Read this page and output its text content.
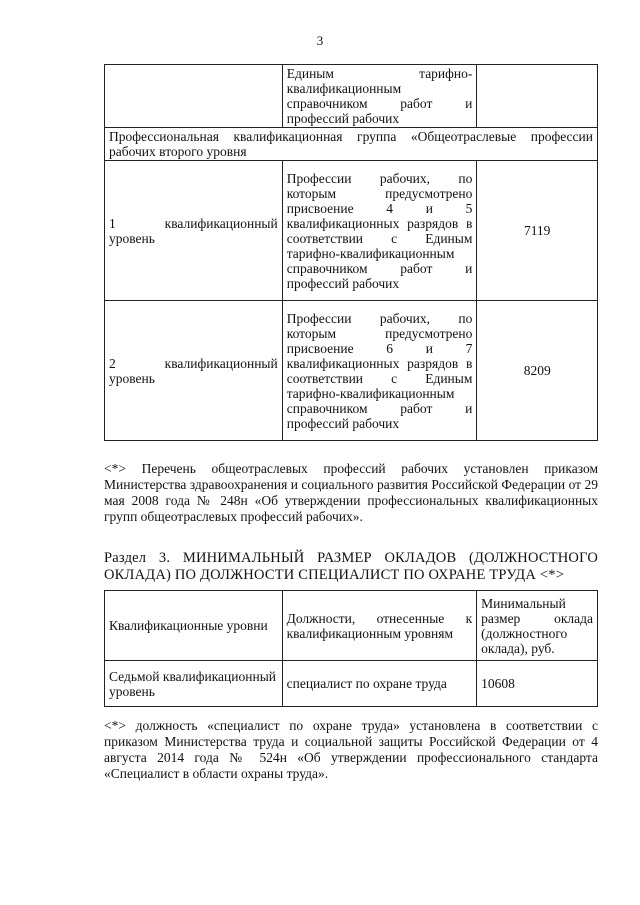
3
	Единым тарифно-квалификационным справочником работ и профессий рабочих	
Профессиональная квалификационная группа «Общеотраслевые профессии рабочих второго уровня		
1 квалификационный уровень	Профессии рабочих, по которым предусмотрено присвоение 4 и 5 квалификационных разрядов в соответствии с Единым тарифно-квалификационным справочником работ и профессий рабочих	7119
2 квалификационный уровень	Профессии рабочих, по которым предусмотрено присвоение 6 и 7 квалификационных разрядов в соответствии с Единым тарифно-квалификационным справочником работ и профессий рабочих	8209
<*> Перечень общеотраслевых профессий рабочих установлен приказом Министерства здравоохранения и социального развития Российской Федерации от 29 мая 2008 года № 248н «Об утверждении профессиональных квалификационных групп общеотраслевых профессий рабочих».
Раздел 3. МИНИМАЛЬНЫЙ РАЗМЕР ОКЛАДОВ (ДОЛЖНОСТНОГО ОКЛАДА) ПО ДОЛЖНОСТИ СПЕЦИАЛИСТ ПО ОХРАНЕ ТРУДА <*>
Квалификационные уровни	Должности, отнесенные к квалификационным уровням	Минимальный размер оклада (должностного оклада), руб.
Седьмой квалификационный уровень	специалист по охране труда	10608
<*> должность «специалист по охране труда» установлена в соответствии с приказом Министерства труда и социальной защиты Российской Федерации от 4 августа 2014 года № 524н «Об утверждении профессионального стандарта «Специалист в области охраны труда».
